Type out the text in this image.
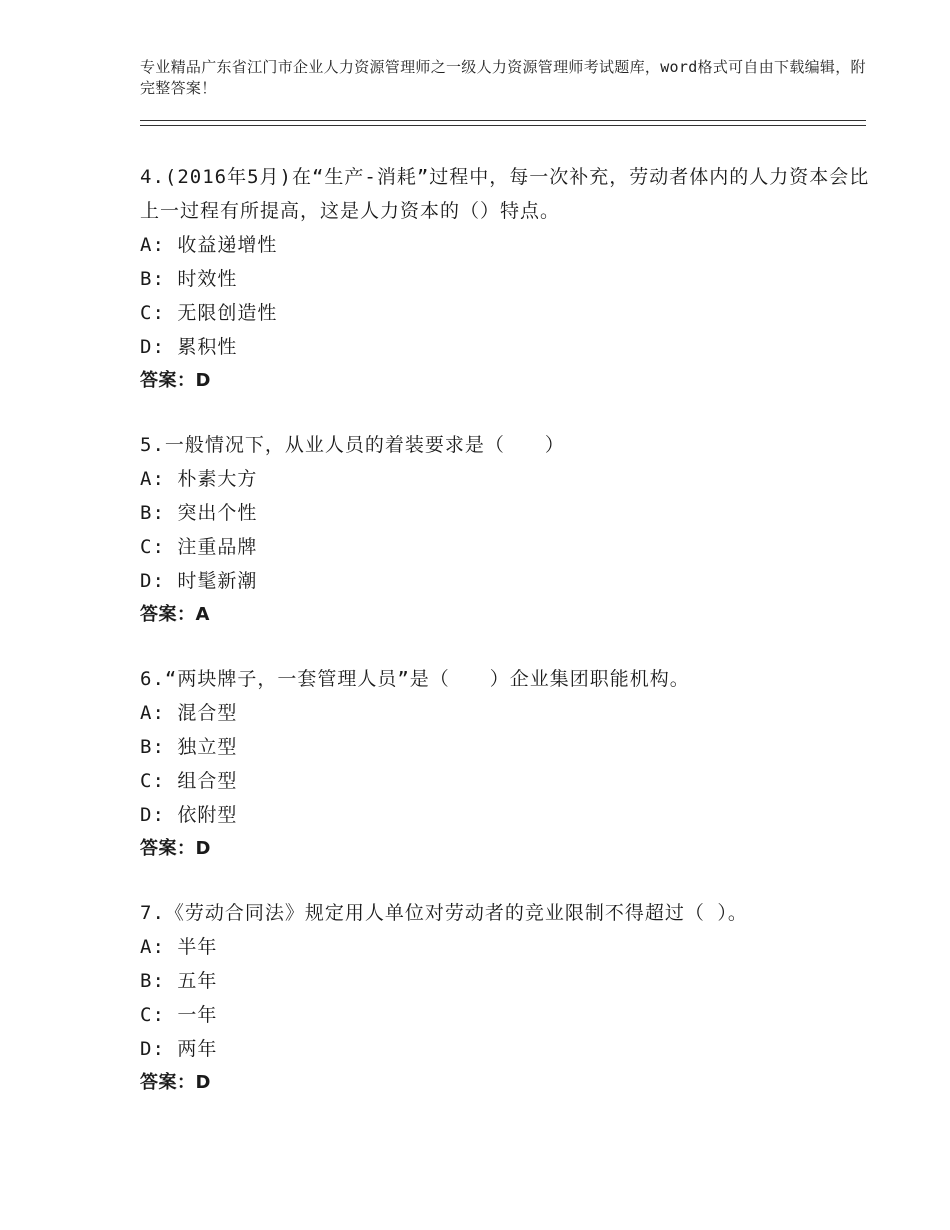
专业精品广东省江门市企业人力资源管理师之一级人力资源管理师考试题库，word格式可自由下载编辑，附完整答案！

4.(2016年5月)在“生产-消耗”过程中，每一次补充，劳动者体内的人力资本会比上一过程有所提高，这是人力资本的（）特点。

A: 收益递增性

B: 时效性

C: 无限创造性

D: 累积性

答案：D

5.一般情况下，从业人员的着装要求是（　　）

A: 朴素大方

B: 突出个性

C: 注重品牌

D: 时髦新潮

答案：A

6.“两块牌子，一套管理人员”是（　　）企业集团职能机构。

A: 混合型

B: 独立型

C: 组合型

D: 依附型

答案：D

7.《劳动合同法》规定用人单位对劳动者的竞业限制不得超过（ ）。

A: 半年

B: 五年

C: 一年

D: 两年

答案：D
